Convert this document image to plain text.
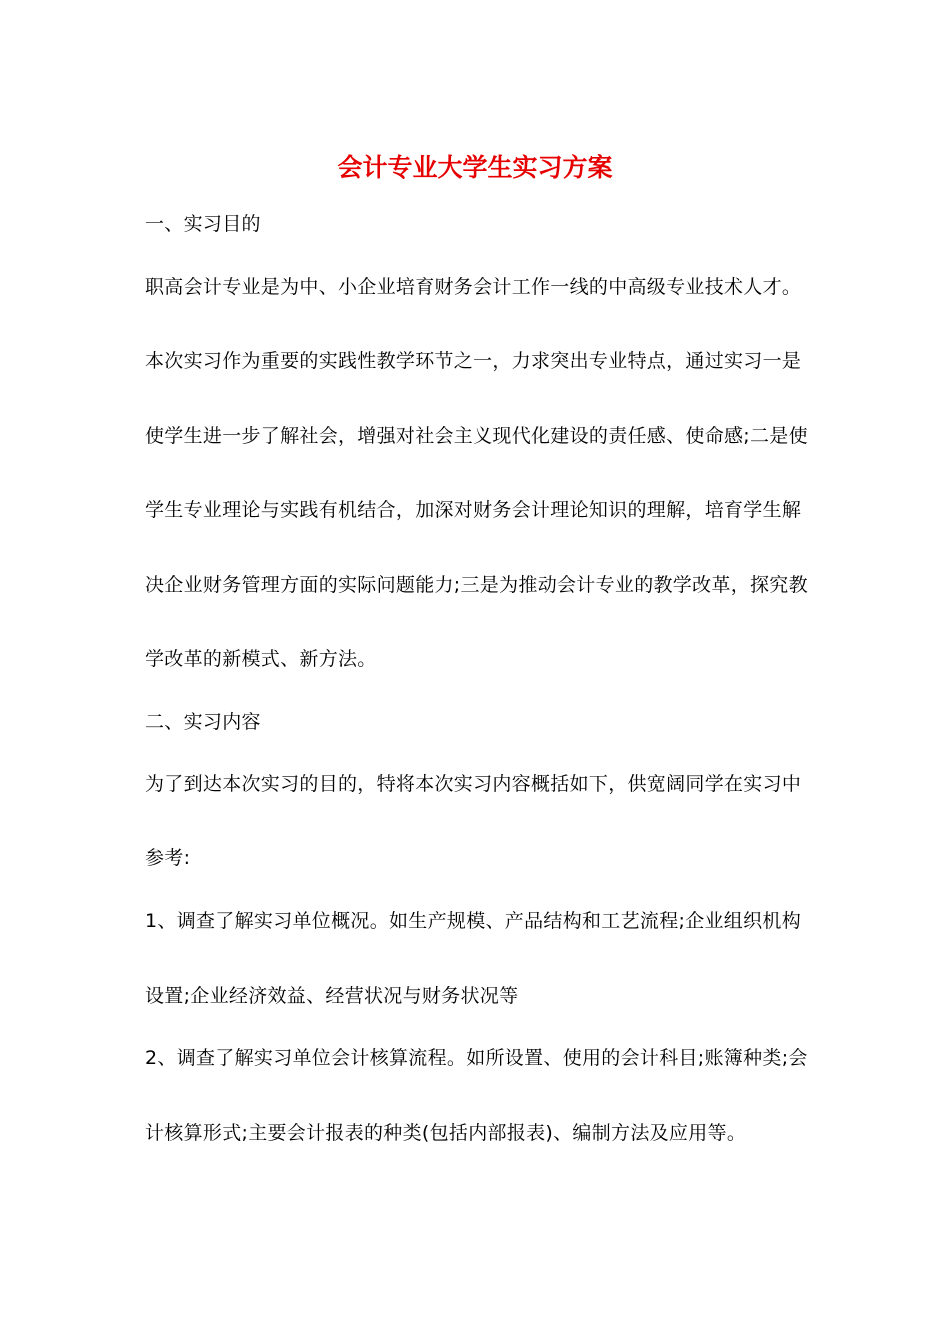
会计专业大学生实习方案
一、实习目的
职高会计专业是为中、小企业培育财务会计工作一线的中高级专业技术人才。
本次实习作为重要的实践性教学环节之一，力求突出专业特点，通过实习一是
使学生进一步了解社会，增强对社会主义现代化建设的责任感、使命感;二是使
学生专业理论与实践有机结合，加深对财务会计理论知识的理解，培育学生解
决企业财务管理方面的实际问题能力;三是为推动会计专业的教学改革，探究教
学改革的新模式、新方法。
二、实习内容
为了到达本次实习的目的，特将本次实习内容概括如下，供宽阔同学在实习中
参考:
1、调查了解实习单位概况。如生产规模、产品结构和工艺流程;企业组织机构
设置;企业经济效益、经营状况与财务状况等
2、调查了解实习单位会计核算流程。如所设置、使用的会计科目;账簿种类;会
计核算形式;主要会计报表的种类(包括内部报表)、编制方法及应用等。
